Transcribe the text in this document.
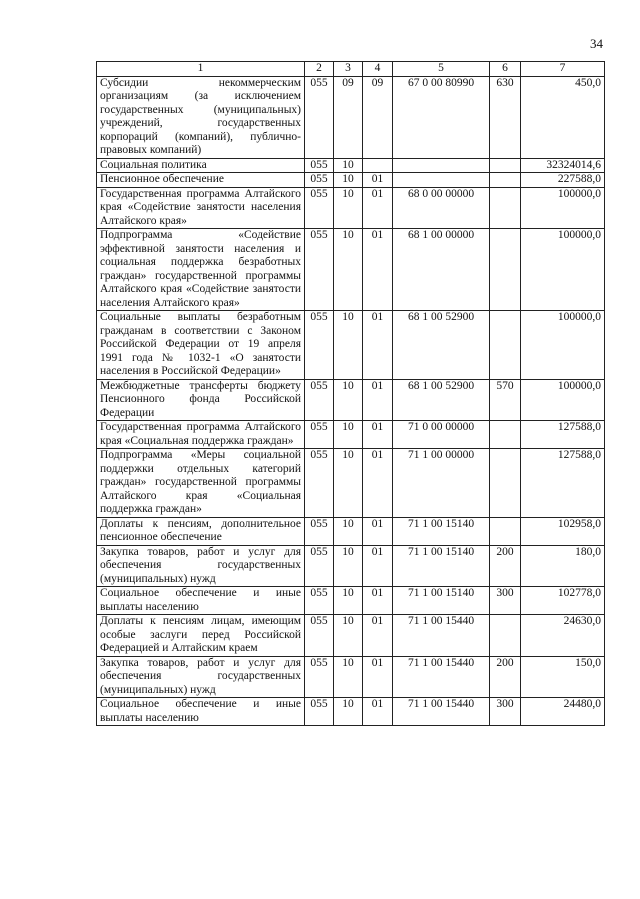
34
1	2	3	4	5	6	7
Субсидии некоммерческим организациям (за исключением государственных (муниципальных) учреждений, государственных корпораций (компаний), публично-правовых компаний)	055	09	09	67 0 00 80990	630	450,0
Социальная политика	055	10				32324014,6
Пенсионное обеспечение	055	10	01			227588,0
Государственная программа Алтайского края «Содействие занятости населения Алтайского края»	055	10	01	68 0 00 00000		100000,0
Подпрограмма «Содействие эффективной занятости населения и социальная поддержка безработных граждан» государственной программы Алтайского края «Содействие занятости населения Алтайского края»	055	10	01	68 1 00 00000		100000,0
Социальные выплаты безработным гражданам в соответствии с Законом Российской Федерации от 19 апреля 1991 года № 1032-1 «О занятости населения в Российской Федерации»	055	10	01	68 1 00 52900		100000,0
Межбюджетные трансферты бюджету Пенсионного фонда Российской Федерации	055	10	01	68 1 00 52900	570	100000,0
Государственная программа Алтайского края «Социальная поддержка граждан»	055	10	01	71 0 00 00000		127588,0
Подпрограмма «Меры социальной поддержки отдельных категорий граждан» государственной программы Алтайского края «Социальная поддержка граждан»	055	10	01	71 1 00 00000		127588,0
Доплаты к пенсиям, дополнительное пенсионное обеспечение	055	10	01	71 1 00 15140		102958,0
Закупка товаров, работ и услуг для обеспечения государственных (муниципальных) нужд	055	10	01	71 1 00 15140	200	180,0
Социальное обеспечение и иные выплаты населению	055	10	01	71 1 00 15140	300	102778,0
Доплаты к пенсиям лицам, имеющим особые заслуги перед Российской Федерацией и Алтайским краем	055	10	01	71 1 00 15440		24630,0
Закупка товаров, работ и услуг для обеспечения государственных (муниципальных) нужд	055	10	01	71 1 00 15440	200	150,0
Социальное обеспечение и иные выплаты населению	055	10	01	71 1 00 15440	300	24480,0
